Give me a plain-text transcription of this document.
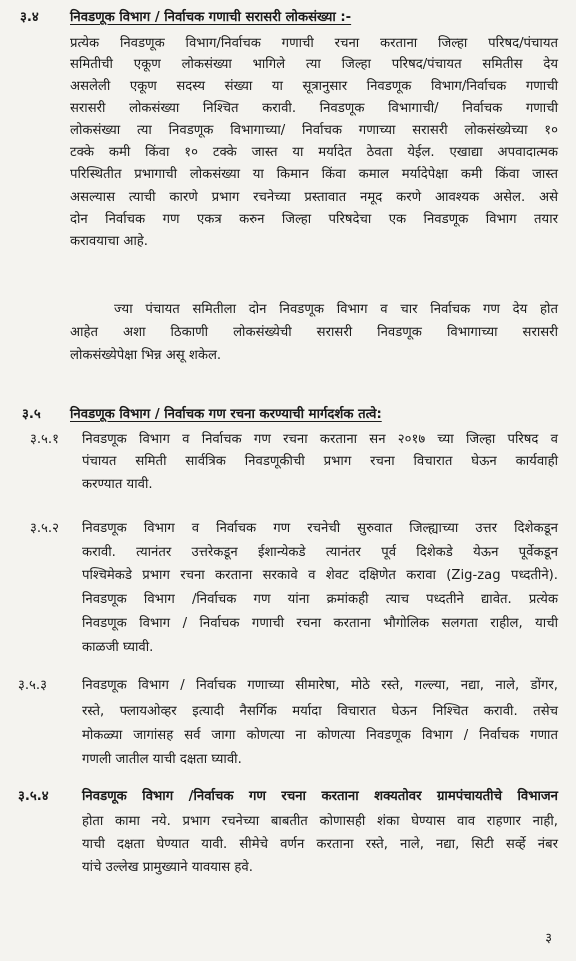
३.४ निवडणूक विभाग / निर्वाचक गणाची सरासरी लोकसंख्या :-
प्रत्येक निवडणूक विभाग/निर्वाचक गणाची रचना करताना जिल्हा परिषद/पंचायत
समितीची एकूण लोकसंख्या भागिले त्या जिल्हा परिषद/पंचायत समितीस देय
असलेली एकूण सदस्य संख्या या सूत्रानुसार निवडणूक विभाग/निर्वाचक गणाची
सरासरी लोकसंख्या निश्चित करावी. निवडणूक विभागाची/ निर्वाचक गणाची
लोकसंख्या त्या निवडणूक विभागाच्या/ निर्वाचक गणाच्या सरासरी लोकसंख्येच्या १०
टक्के कमी किंवा १० टक्के जास्त या मर्यादेत ठेवता येईल. एखाद्या अपवादात्मक
परिस्थितीत प्रभागाची लोकसंख्या या किमान किंवा कमाल मर्यादेपेक्षा कमी किंवा जास्त
असल्यास त्याची कारणे प्रभाग रचनेच्या प्रस्तावात नमूद करणे आवश्यक असेल. असे
दोन निर्वाचक गण एकत्र करुन जिल्हा परिषदेचा एक निवडणूक विभाग तयार
करावयाचा आहे.
ज्या पंचायत समितीला दोन निवडणूक विभाग व चार निर्वाचक गण देय होत
आहेत अशा ठिकाणी लोकसंख्येची सरासरी निवडणूक विभागाच्या सरासरी
लोकसंख्येपेक्षा भिन्न असू शकेल.
३.५ निवडणूक विभाग / निर्वाचक गण रचना करण्याची मार्गदर्शक तत्वे:
३.५.१ निवडणूक विभाग व निर्वाचक गण रचना करताना सन २०१७ च्या जिल्हा परिषद व
पंचायत समिती सार्वत्रिक निवडणूकीची प्रभाग रचना विचारात घेऊन कार्यवाही
करण्यात यावी.
३.५.२ निवडणूक विभाग व निर्वाचक गण रचनेची सुरुवात जिल्ह्याच्या उत्तर दिशेकडून
करावी. त्यानंतर उत्तरेकडून ईशान्येकडे त्यानंतर पूर्व दिशेकडे येऊन पूर्वेकडून
पश्चिमेकडे प्रभाग रचना करताना सरकावे व शेवट दक्षिणेत करावा (Zig-zag पध्दतीने).
निवडणूक विभाग /निर्वाचक गण यांना क्रमांकही त्याच पध्दतीने द्यावेत. प्रत्येक
निवडणूक विभाग / निर्वाचक गणाची रचना करताना भौगोलिक सलगता राहील, याची
काळजी घ्यावी.
३.५.३	निवडणूक विभाग / निर्वाचक गणाच्या सीमारेषा, मोठे रस्ते, गल्ल्या, नद्या, नाले, डोंगर,
रस्ते, फ्लायओव्हर इत्यादी नैसर्गिक मर्यादा विचारात घेऊन निश्चित करावी. तसेच
मोकळ्या जागांसह सर्व जागा कोणत्या ना कोणत्या निवडणूक विभाग / निर्वाचक गणात
गणली जातील याची दक्षता घ्यावी.
३.५.४	निवडणूक विभाग /निर्वाचक गण रचना करताना शक्यतोवर ग्रामपंचायतीचे विभाजन
होता कामा नये. प्रभाग रचनेच्या बाबतीत कोणासही शंका घेण्यास वाव राहणार नाही,
याची दक्षता घेण्यात यावी. सीमेचे वर्णन करताना रस्ते, नाले, नद्या, सिटी सर्व्हे नंबर
यांचे उल्लेख प्रामुख्याने यावयास हवे.
३
